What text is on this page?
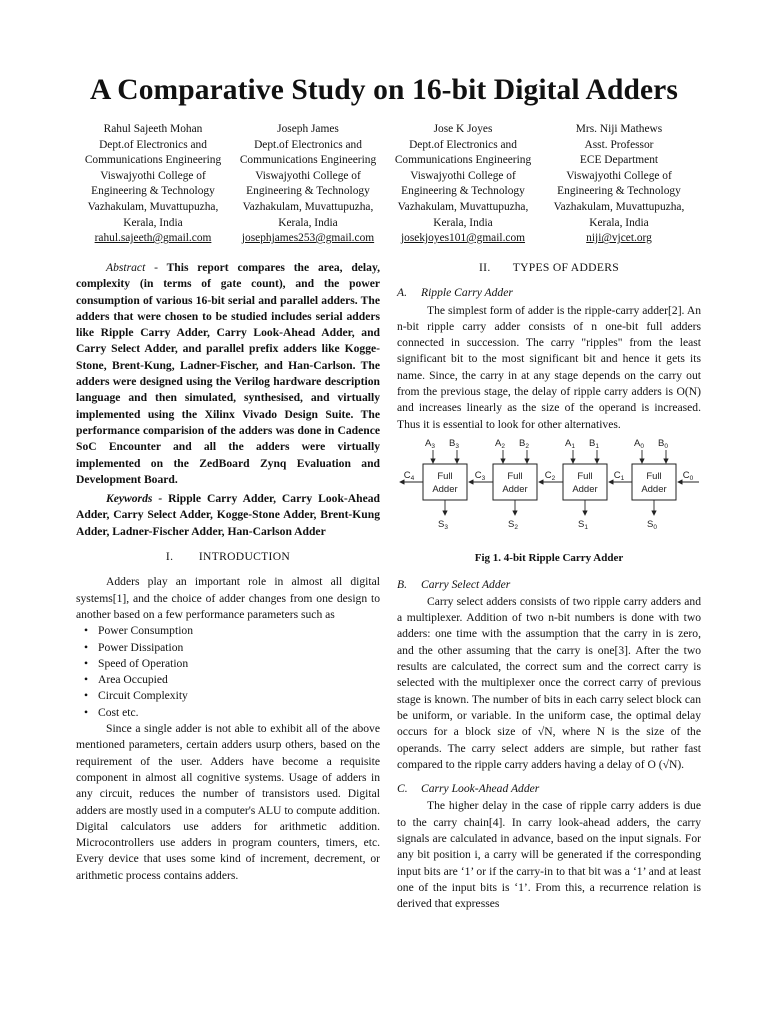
A Comparative Study on 16-bit Digital Adders
Rahul Sajeeth Mohan
Dept.of Electronics and
Communications Engineering
Viswajyothi College of
Engineering & Technology
Vazhakulam, Muvattupuzha,
Kerala, India
rahul.sajeeth@gmail.com
Joseph James
Dept.of Electronics and
Communications Engineering
Viswajyothi College of
Engineering & Technology
Vazhakulam, Muvattupuzha,
Kerala, India
josephjames253@gmail.com
Jose K Joyes
Dept.of Electronics and
Communications Engineering
Viswajyothi College of
Engineering & Technology
Vazhakulam, Muvattupuzha,
Kerala, India
josekjoyes101@gmail.com
Mrs. Niji Mathews
Asst. Professor
ECE Department
Viswajyothi College of
Engineering & Technology
Vazhakulam, Muvattupuzha,
Kerala, India
niji@vjcet.org

Abstract - This report compares the area, delay, complexity (in terms of gate count), and the power consumption of various 16-bit serial and parallel adders. The adders that were chosen to be studied includes serial adders like Ripple Carry Adder, Carry Look-Ahead Adder, and Carry Select Adder, and parallel prefix adders like Kogge-Stone, Brent-Kung, Ladner-Fischer, and Han-Carlson. The adders were designed using the Verilog hardware description language and then simulated, synthesised, and virtually implemented using the Xilinx Vivado Design Suite. The performance comparision of the adders was done in Cadence SoC Encounter and all the adders were virtually implemented on the ZedBoard Zynq Evaluation and Development Board.

Keywords - Ripple Carry Adder, Carry Look-Ahead Adder, Carry Select Adder, Kogge-Stone Adder, Brent-Kung Adder, Ladner-Fischer Adder, Han-Carlson Adder

I.        INTRODUCTION

Adders play an important role in almost all digital systems[1], and the choice of adder changes from one design to another based on a few performance parameters such as

• Power Consumption
• Power Dissipation
• Speed of Operation
• Area Occupied
• Circuit Complexity
• Cost etc.

Since a single adder is not able to exhibit all of the above mentioned parameters, certain adders usurp others, based on the requirement of the user. Adders have become a requisite component in almost all cognitive systems. Usage of adders in any circuit, reduces the number of transistors used. Digital adders are mostly used in a computer's ALU to compute addition. Digital calculators use adders for arithmetic addition. Microcontrollers use adders in program counters, timers, etc. Every device that uses some kind of increment, decrement, or arithmetic process contains adders.

II.       TYPES OF ADDERS
A. Ripple Carry Adder

The simplest form of adder is the ripple-carry adder[2]. An n-bit ripple carry adder consists of n one-bit full adders connected in succession. The carry "ripples" from the least significant bit to the most significant bit and hence it gets its name. Since, the carry in at any stage depends on the carry out from the previous stage, the delay of ripple carry adders is O(N) and increases linearly as the size of the operand is increased. Thus it is essential to look for other alternatives.

Full
Adder
Full
Adder
Full
Adder
Full
Adder
$A_3$ $B_3$	$A_2$ $B_2$	$A_1$ $B_1$	$A_0$ $B_0$
$S_3$	$S_2$	$S_1$	$S_0$
$C_4$	$C_3$	$C_2$	$C_1$	$C_0$
Fig 1. 4-bit Ripple Carry Adder
B. Carry Select Adder

Carry select adders consists of two ripple carry adders and a multiplexer. Addition of two n-bit numbers is done with two adders: one time with the assumption that the carry in is zero, and the other assuming that the carry is one[3]. After the two results are calculated, the correct sum and the correct carry is selected with the multiplexer once the correct carry of previous stage is known. The number of bits in each carry select block can be uniform, or variable. In the uniform case, the optimal delay occurs for a block size of √N, where N is the size of the operands. The carry select adders are simple, but rather fast compared to the ripple carry adders having a delay of O (√N).

C. Carry Look-Ahead Adder

The higher delay in the case of ripple carry adders is due to the carry chain[4]. In carry look-ahead adders, the carry signals are calculated in advance, based on the input signals. For any bit position i, a carry will be generated if the corresponding input bits are ‘1’ or if the carry-in to that bit was a ‘1’ and at least one of the input bits is ‘1’. From this, a recurrence relation is derived that expresses
